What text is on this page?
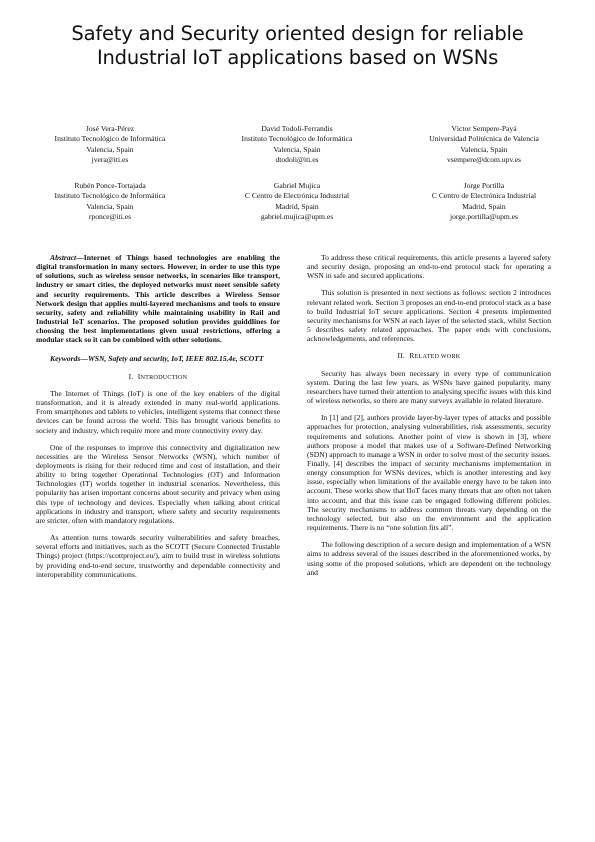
Safety and Security oriented design for reliable Industrial IoT applications based on WSNs
José Vera-Pérez
Instituto Tecnológico de Informática
Valencia, Spain
jvera@iti.es
David Todolí-Ferrandis
Instituto Tecnológico de Informática
Valencia, Spain
dtodoli@iti.es
Víctor Sempere-Payá
Universidad Politécnica de Valencia
Valencia, Spain
vsempere@dcom.upv.es
Rubén Ponce-Tortajada
Instituto Tecnológico de Informática
Valencia, Spain
rponce@iti.es
Gabriel Mujica
C Centro de Electrónica Industrial
Madrid, Spain
gabriel.mujica@upm.es
Jorge Portilla
C Centro de Electrónica Industrial
Madrid, Spain
jorge.portilla@upm.es

Abstract—Internet of Things based technologies are enabling the digital transformation in many sectors. However, in order to use this type of solutions, such as wireless sensor networks, in scenarios like transport, industry or smart cities, the deployed networks must meet sensible safety and security requirements. This article describes a Wireless Sensor Network design that applies multi-layered mechanisms and tools to ensure security, safety and reliability while maintaining usability in Rail and Industrial IoT scenarios. The proposed solution provides guiddlines for choosing the best implementations given usual restrictions, offering a modular stack so it can be combined with other solutions.

Keywords—WSN, Safety and security, IoT, IEEE 802.15.4e, SCOTT

I. INTRODUCTION

The Internet of Things (IoT) is one of the key enablers of the digital transformation, and it is already extended in many real-world applications. From smartphones and tablets to vehicles, intelligent systems that connect these devices can be found across the world. This has brought various benefits to society and industry, which require more and more connectivity every day.

One of the responses to improve this connectivity and digitalization new necessities are the Wireless Sensor Networks (WSN), which number of deployments is rising for their reduced time and cost of installation, and their ability to bring together Operational Technologies (OT) and Information Technologies (IT) worlds together in industrial scenarios. Nevertheless, this popularity has arisen important concerns about security and privacy when using this type of technology and devices. Especially when talking about critical applications in industry and transport, where safety and security requirements are stricter, often with mandatory regulations.

As attention turns towards security vulnerabilities and safety breaches, several efforts and initiatives, such as the SCOTT (Secure Connected Trustable Things) project (https://scottproject.eu/), aim to build trust in wireless solutions by providing end-to-end secure, trustworthy and dependable connectivity and interoperability communications.

To address these critical requirements, this article presents a layered safety and security design, proposing an end-to-end protocol stack for operating a WSN in safe and secured applications.

This solution is presented in next sections as follows: section 2 introduces relevant related work. Section 3 proposes an end-to-end protocol stack as a base to build Industrial IoT secure applications. Section 4 presents implemented security mechanisms for WSN at each layer of the selected stack, whilst Section 5 describes safety related approaches. The paper ends with conclusions, acknowledgements, and references.

II. RELATED WORK

Security has always been necessary in every type of communication system. During the last few years, as WSNs have gained popularity, many researchers have turned their attention to analysing specific issues with this kind of wireless networks, so there are many surveys available in related literature.

In [1] and [2], authors provide layer-by-layer types of attacks and possible approaches for protection, analysing vulnerabilities, risk assessments, security requirements and solutions. Another point of view is shown in [3], where authors propose a model that makes use of a Software-Defined Networking (SDN) approach to manage a WSN in order to solve most of the security issues. Finally, [4] describes the impact of security mechanisms implementation in energy consumption for WSNs devices, which is another interesting and key issue, especially when limitations of the available energy have to be taken into account. These works show that IIoT faces many threats that are often not taken into account, and that this issue can be engaged following different policies. The security mechanisms to address common threats vary depending on the technology selected, but also on the environment and the application requirements. There is no “one solution fits all”.

The following description of a secure design and implementation of a WSN aims to address several of the issues described in the aforementioned works, by using some of the proposed solutions, which are dependent on the technology and
